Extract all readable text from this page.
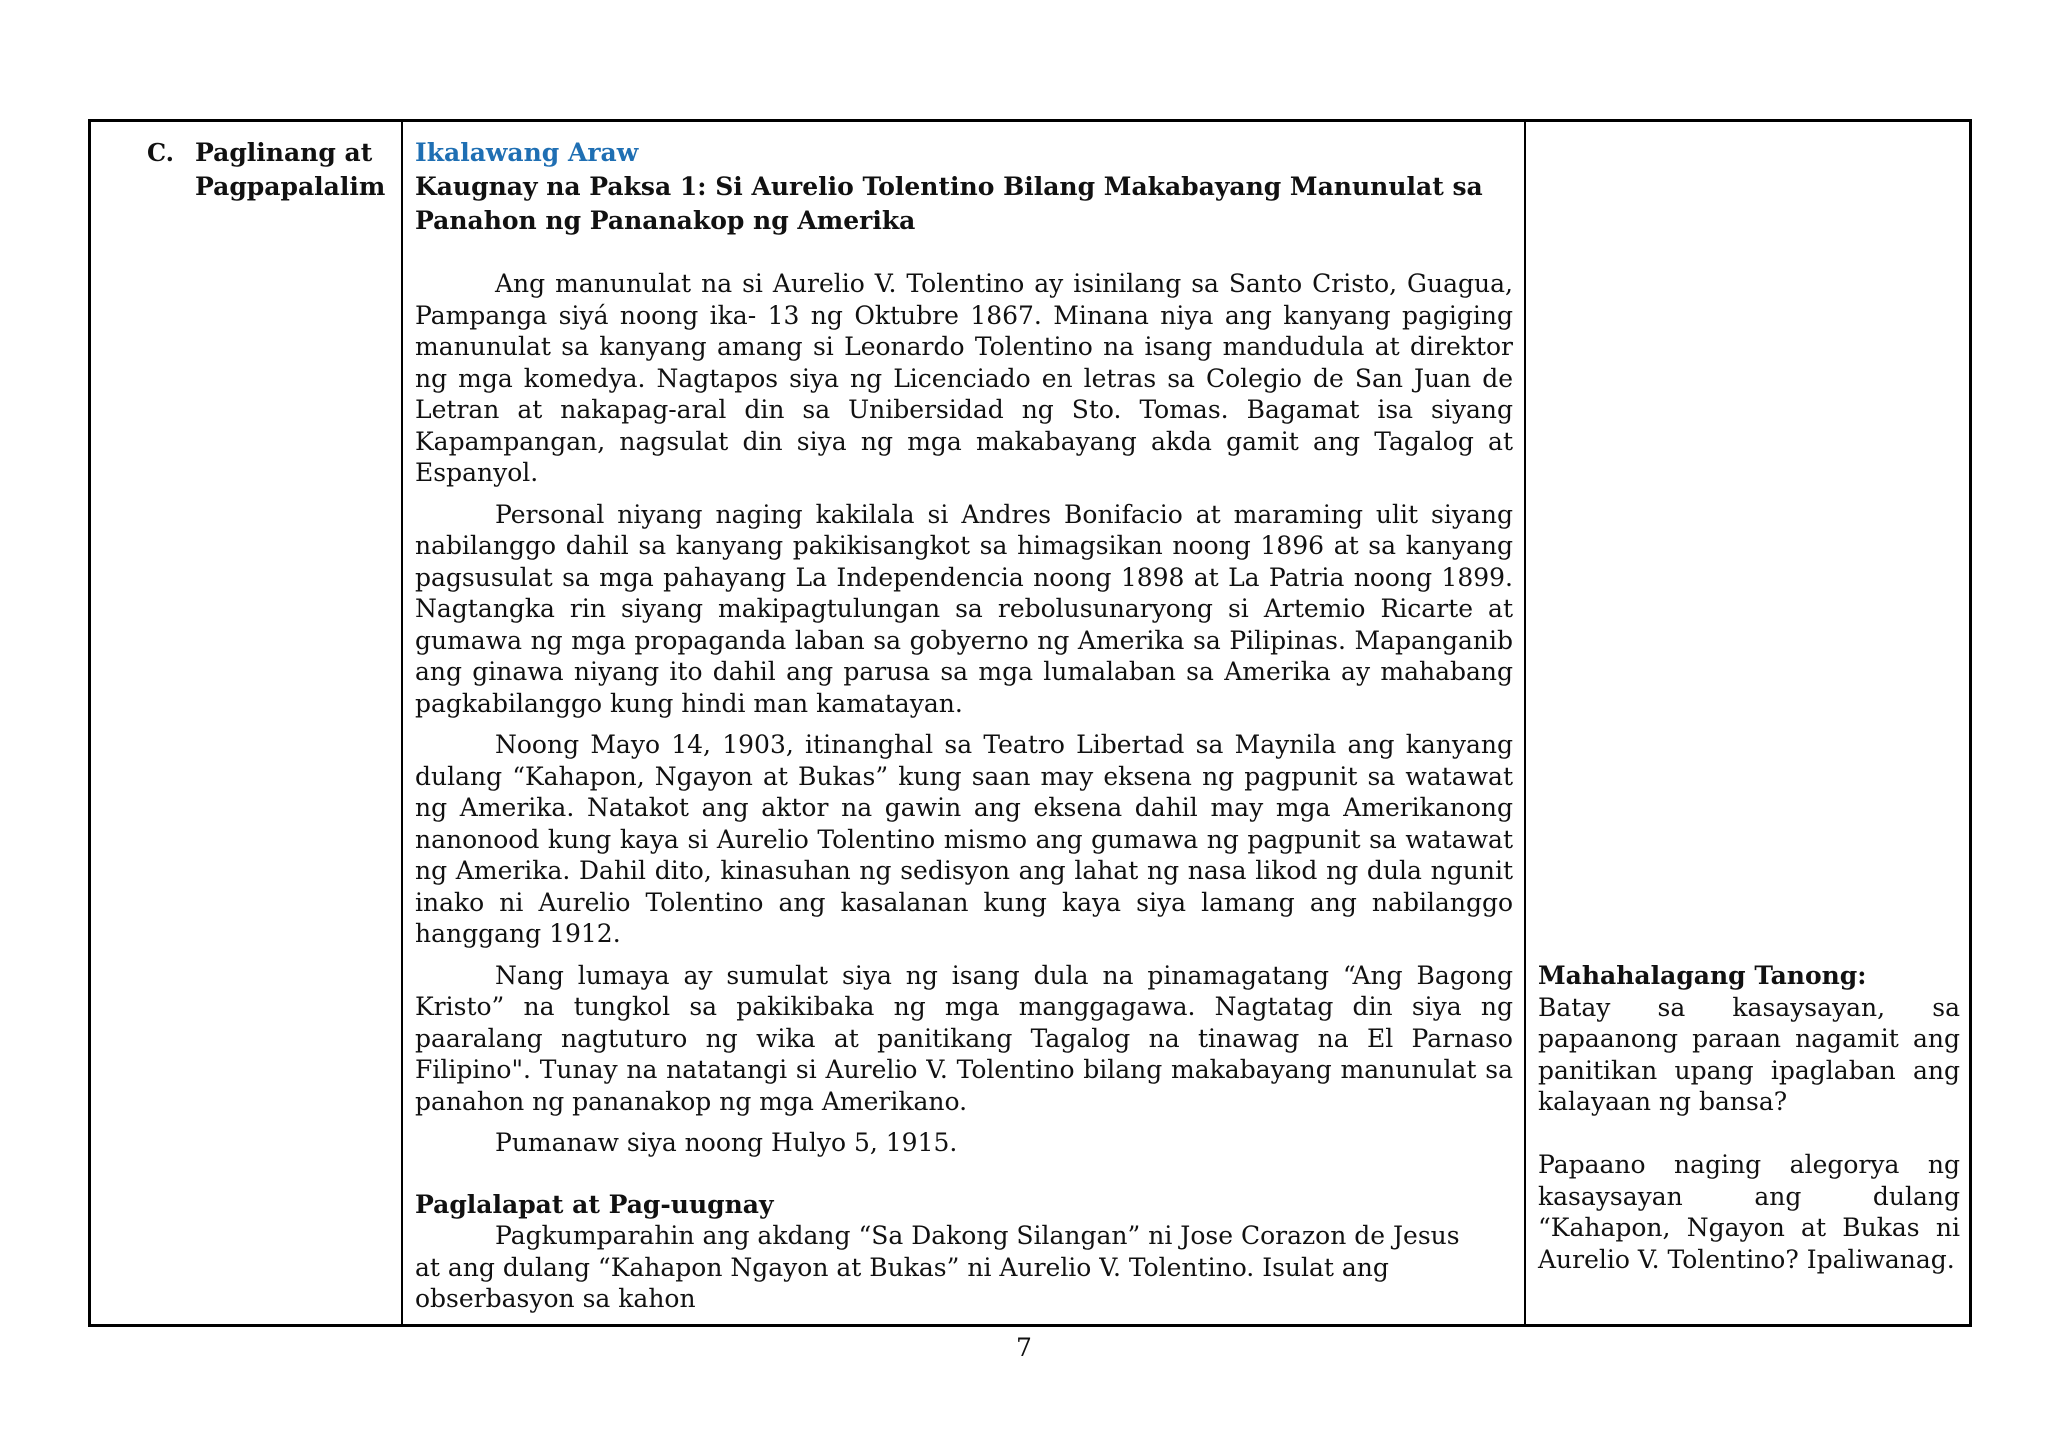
C. Paglinang at Pagpapalalim

Ikalawang Araw

Kaugnay na Paksa 1: Si Aurelio Tolentino Bilang Makabayang Manunulat sa Panahon ng Pananakop ng Amerika

Ang manunulat na si Aurelio V. Tolentino ay isinilang sa Santo Cristo, Guagua, Pampanga siyá noong ika- 13 ng Oktubre 1867. Minana niya ang kanyang pagiging manunulat sa kanyang amang si Leonardo Tolentino na isang mandudula at direktor ng mga komedya. Nagtapos siya ng Licenciado en letras sa Colegio de San Juan de Letran at nakapag-aral din sa Unibersidad ng Sto. Tomas. Bagamat isa siyang Kapampangan, nagsulat din siya ng mga makabayang akda gamit ang Tagalog at Espanyol.

Personal niyang naging kakilala si Andres Bonifacio at maraming ulit siyang nabilanggo dahil sa kanyang pakikisangkot sa himagsikan noong 1896 at sa kanyang pagsusulat sa mga pahayang La Independencia noong 1898 at La Patria noong 1899. Nagtangka rin siyang makipagtulungan sa rebolusunaryong si Artemio Ricarte at gumawa ng mga propaganda laban sa gobyerno ng Amerika sa Pilipinas. Mapanganib ang ginawa niyang ito dahil ang parusa sa mga lumalaban sa Amerika ay mahabang pagkabilanggo kung hindi man kamatayan.

Noong Mayo 14, 1903, itinanghal sa Teatro Libertad sa Maynila ang kanyang dulang “Kahapon, Ngayon at Bukas” kung saan may eksena ng pagpunit sa watawat ng Amerika. Natakot ang aktor na gawin ang eksena dahil may mga Amerikanong nanonood kung kaya si Aurelio Tolentino mismo ang gumawa ng pagpunit sa watawat ng Amerika. Dahil dito, kinasuhan ng sedisyon ang lahat ng nasa likod ng dula ngunit inako ni Aurelio Tolentino ang kasalanan kung kaya siya lamang ang nabilanggo hanggang 1912.

Nang lumaya ay sumulat siya ng isang dula na pinamagatang “Ang Bagong Kristo” na tungkol sa pakikibaka ng mga manggagawa. Nagtatag din siya ng paaralang nagtuturo ng wika at panitikang Tagalog na tinawag na El Parnaso Filipino". Tunay na natatangi si Aurelio V. Tolentino bilang makabayang manunulat sa panahon ng pananakop ng mga Amerikano.

Pumanaw siya noong Hulyo 5, 1915.

Paglalapat at Pag-uugnay

Pagkumparahin ang akdang “Sa Dakong Silangan” ni Jose Corazon de Jesus
at ang dulang “Kahapon Ngayon at Bukas” ni Aurelio V. Tolentino. Isulat ang obserbasyon sa kahon

Mahahalagang Tanong:

Batay sa kasaysayan, sa papaanong paraan nagamit ang panitikan upang ipaglaban ang kalayaan ng bansa?

Papaano naging alegorya ng kasaysayan ang dulang “Kahapon, Ngayon at Bukas ni Aurelio V. Tolentino? Ipaliwanag.

7
